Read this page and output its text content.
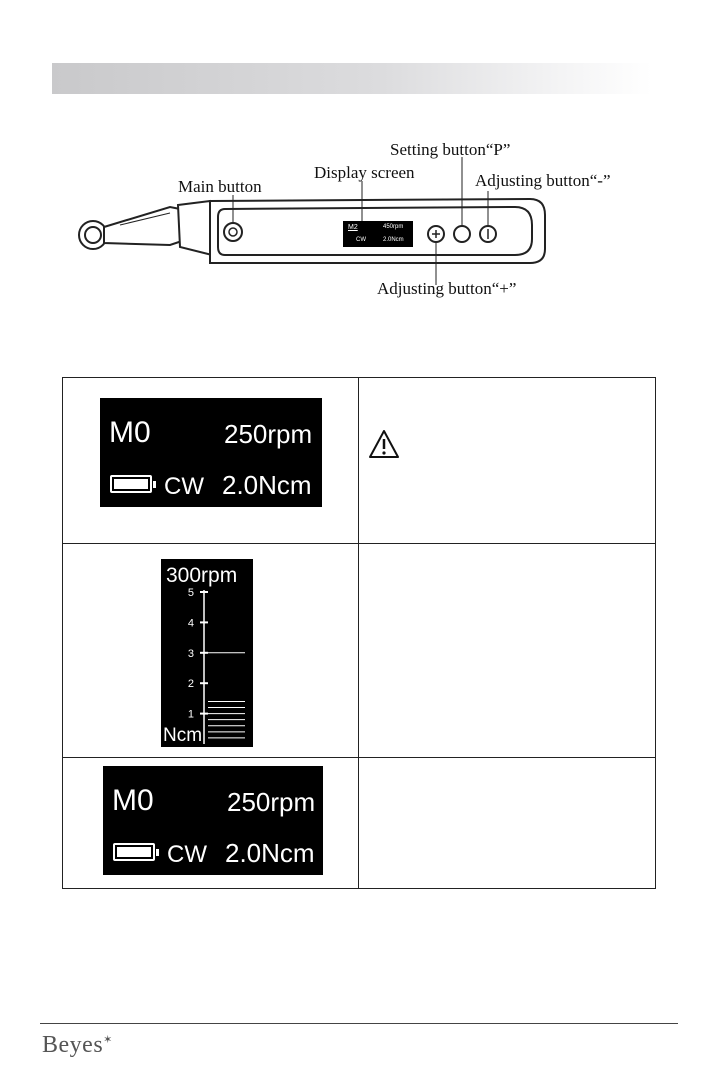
Main button
Display screen
Setting button“P”
Adjusting button“-”
Adjusting button“+”
M2	450rpm
CW	2.0Ncm
M0	250rpm
CW 2.0Ncm
300rpm
5
4
3
2
1
Ncm
M0	250rpm
CW 2.0Ncm
Beyes✶
